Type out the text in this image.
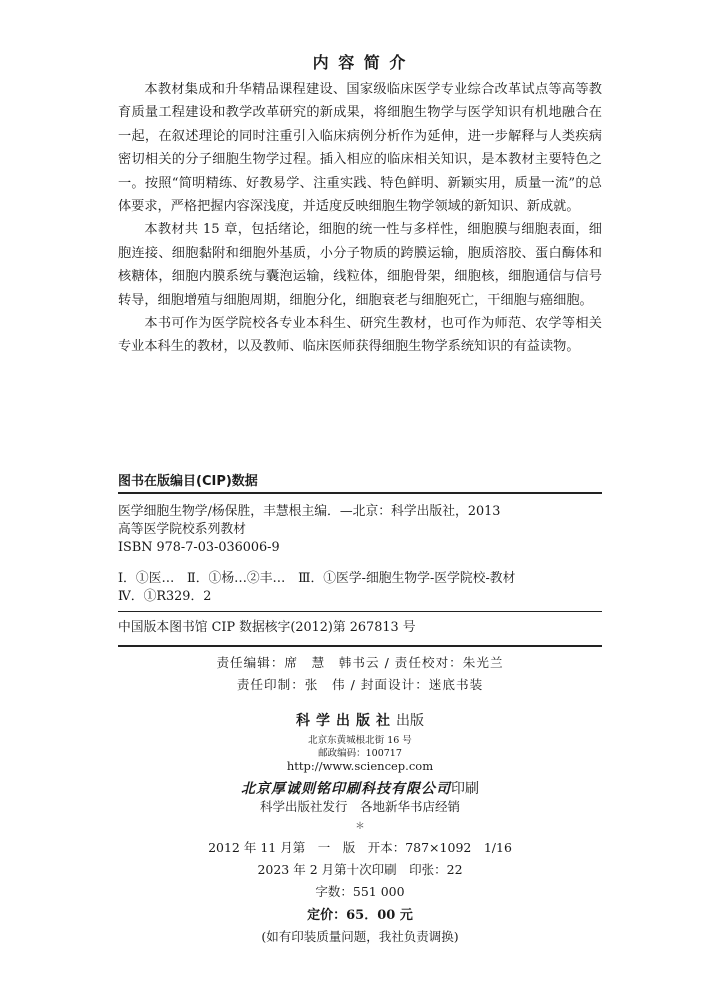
内 容 简 介

本教材集成和升华精品课程建设、国家级临床医学专业综合改革试点等高等教育质量工程建设和教学改革研究的新成果，将细胞生物学与医学知识有机地融合在一起，在叙述理论的同时注重引入临床病例分析作为延伸，进一步解释与人类疾病密切相关的分子细胞生物学过程。插入相应的临床相关知识，是本教材主要特色之一。按照“简明精练、好教易学、注重实践、特色鲜明、新颖实用，质量一流”的总体要求，严格把握内容深浅度，并适度反映细胞生物学领域的新知识、新成就。

本教材共 15 章，包括绪论，细胞的统一性与多样性，细胞膜与细胞表面，细胞连接、细胞黏附和细胞外基质，小分子物质的跨膜运输，胞质溶胶、蛋白酶体和核糖体，细胞内膜系统与囊泡运输，线粒体，细胞骨架，细胞核，细胞通信与信号转导，细胞增殖与细胞周期，细胞分化，细胞衰老与细胞死亡，干细胞与癌细胞。

本书可作为医学院校各专业本科生、研究生教材，也可作为师范、农学等相关专业本科生的教材，以及教师、临床医师获得细胞生物学系统知识的有益读物。

图书在版编目(CIP)数据
医学细胞生物学/杨保胜，丰慧根主编．—北京：科学出版社，2013
高等医学院校系列教材
ISBN 978-7-03-036006-9
Ⅰ．①医…　Ⅱ．①杨…②丰…　Ⅲ．①医学-细胞生物学-医学院校-教材
Ⅳ．①R329．2
中国版本图书馆 CIP 数据核字(2012)第 267813 号
责任编辑：席　慧　韩书云 / 责任校对：朱光兰
责任印制：张　伟 / 封面设计：迷底书装
科学出版社出版
北京东黄城根北街 16 号
邮政编码：100717
http://www.sciencep.com
北京厚诚则铭印刷科技有限公司印刷
科学出版社发行　各地新华书店经销
＊
2012 年 11 月第　一　版　开本：787×1092　1/16
2023 年 2 月第十次印刷　印张：22
字数：551 000
定价：65．00 元
(如有印装质量问题，我社负责调换)
